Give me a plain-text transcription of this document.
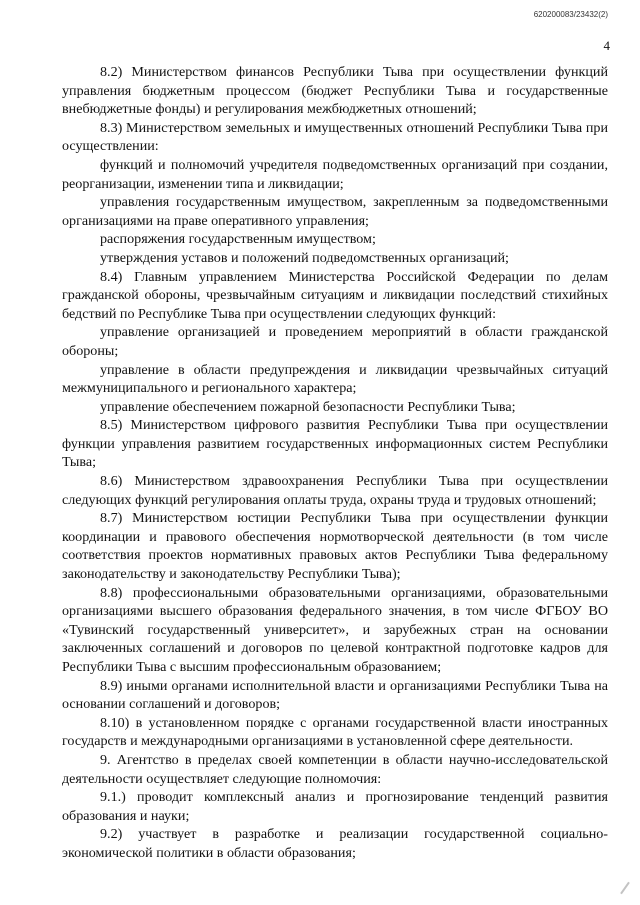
620200083/23432(2)
4

8.2) Министерством финансов Республики Тыва при осуществлении функций управления бюджетным процессом (бюджет Республики Тыва и государственные внебюджетные фонды) и регулирования межбюджетных отношений;

8.3) Министерством земельных и имущественных отношений Республики Тыва при осуществлении:

функций и полномочий учредителя подведомственных организаций при создании, реорганизации, изменении типа и ликвидации;

управления государственным имуществом, закрепленным за подведомственными организациями на праве оперативного управления;

распоряжения государственным имуществом;

утверждения уставов и положений подведомственных организаций;

8.4) Главным управлением Министерства Российской Федерации по делам гражданской обороны, чрезвычайным ситуациям и ликвидации последствий стихийных бедствий по Республике Тыва при осуществлении следующих функций:

управление организацией и проведением мероприятий в области гражданской обороны;

управление в области предупреждения и ликвидации чрезвычайных ситуаций межмуниципального и регионального характера;

управление обеспечением пожарной безопасности Республики Тыва;

8.5) Министерством цифрового развития Республики Тыва при осуществлении функции управления развитием государственных информационных систем Республики Тыва;

8.6) Министерством здравоохранения Республики Тыва при осуществлении следующих функций регулирования оплаты труда, охраны труда и трудовых отношений;

8.7) Министерством юстиции Республики Тыва при осуществлении функции координации и правового обеспечения нормотворческой деятельности (в том числе соответствия проектов нормативных правовых актов Республики Тыва федеральному законодательству и законодательству Республики Тыва);

8.8) профессиональными образовательными организациями, образовательными организациями высшего образования федерального значения, в том числе ФГБОУ ВО «Тувинский государственный университет», и зарубежных стран на основании заключенных соглашений и договоров по целевой контрактной подготовке кадров для Республики Тыва с высшим профессиональным образованием;

8.9) иными органами исполнительной власти и организациями Республики Тыва на основании соглашений и договоров;

8.10) в установленном порядке с органами государственной власти иностранных государств и международными организациями в установленной сфере деятельности.

9. Агентство в пределах своей компетенции в области научно-исследовательской деятельности осуществляет следующие полномочия:

9.1.) проводит комплексный анализ и прогнозирование тенденций развития образования и науки;

9.2) участвует в разработке и реализации государственной социально-экономической политики в области образования;
